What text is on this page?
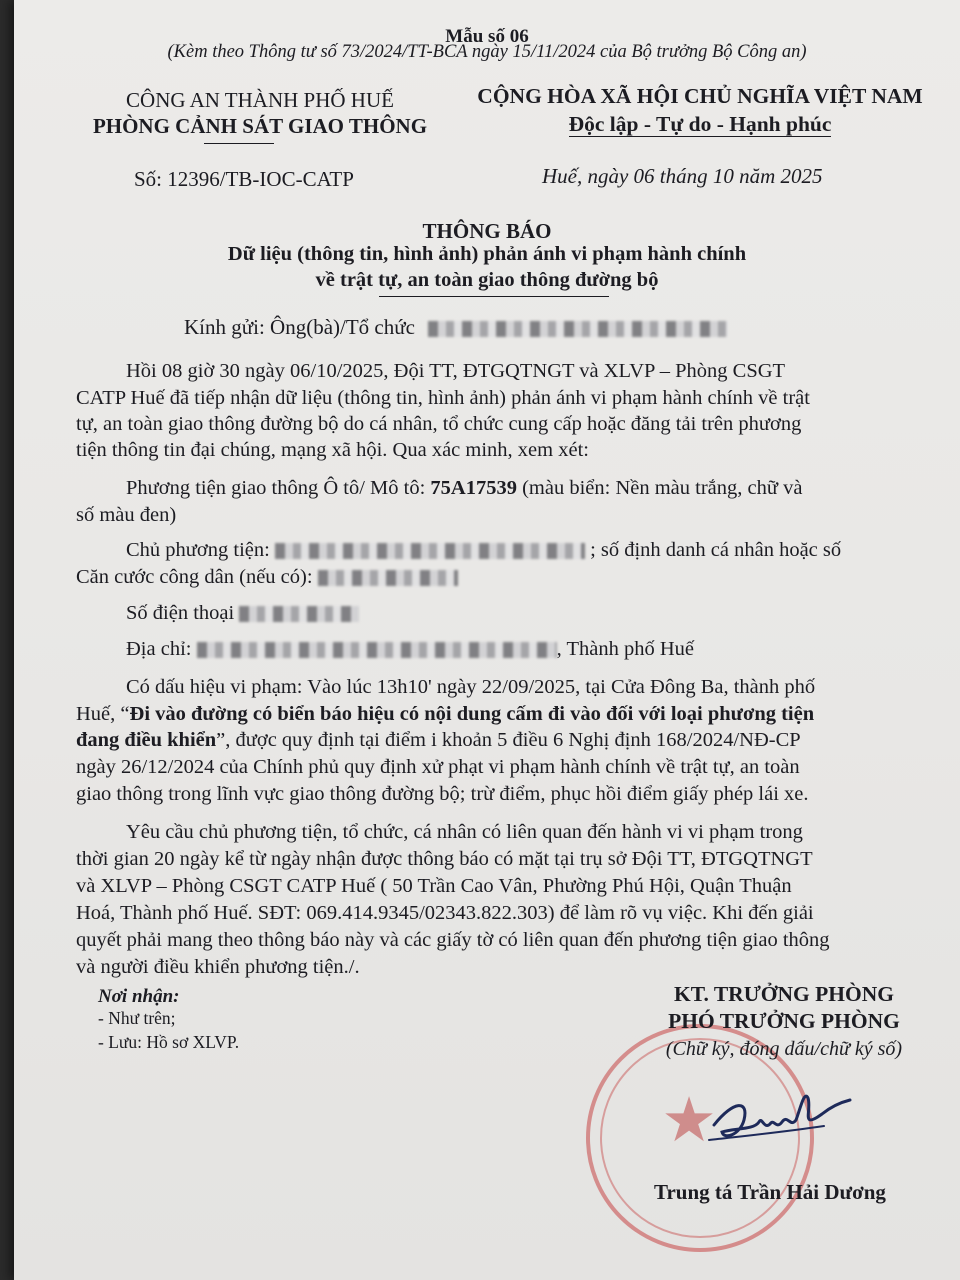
Mẫu số 06
(Kèm theo Thông tư số 73/2024/TT-BCA ngày 15/11/2024 của Bộ trưởng Bộ Công an)
CÔNG AN THÀNH PHỐ HUẾ
PHÒNG CẢNH SÁT GIAO THÔNG
Số: 12396/TB-IOC-CATP
CỘNG HÒA XÃ HỘI CHỦ NGHĨA VIỆT NAM
Độc lập - Tự do - Hạnh phúc
Huế, ngày 06 tháng 10 năm 2025
THÔNG BÁO
Dữ liệu (thông tin, hình ảnh) phản ánh vi phạm hành chính
về trật tự, an toàn giao thông đường bộ
Kính gửi: Ông(bà)/Tổ chức
Hồi 08 giờ 30 ngày 06/10/2025, Đội TT, ĐTGQTNGT và XLVP – Phòng CSGT
CATP Huế đã tiếp nhận dữ liệu (thông tin, hình ảnh) phản ánh vi phạm hành chính về trật
tự, an toàn giao thông đường bộ do cá nhân, tổ chức cung cấp hoặc đăng tải trên phương
tiện thông tin đại chúng, mạng xã hội. Qua xác minh, xem xét:
Phương tiện giao thông Ô tô/ Mô tô: 75A17539 (màu biển: Nền màu trắng, chữ và
số màu đen)
Chủ phương tiện:	; số định danh cá nhân hoặc số
Căn cước công dân (nếu có):
Số điện thoại
Địa chỉ:	, Thành phố Huế
Có dấu hiệu vi phạm: Vào lúc 13h10' ngày 22/09/2025, tại Cửa Đông Ba, thành phố
Huế, “Đi vào đường có biển báo hiệu có nội dung cấm đi vào đối với loại phương tiện
đang điều khiển”, được quy định tại điểm i khoản 5 điều 6 Nghị định 168/2024/NĐ-CP
ngày 26/12/2024 của Chính phủ quy định xử phạt vi phạm hành chính về trật tự, an toàn
giao thông trong lĩnh vực giao thông đường bộ; trừ điểm, phục hồi điểm giấy phép lái xe.
Yêu cầu chủ phương tiện, tổ chức, cá nhân có liên quan đến hành vi vi phạm trong
thời gian 20 ngày kể từ ngày nhận được thông báo có mặt tại trụ sở Đội TT, ĐTGQTNGT
và XLVP – Phòng CSGT CATP Huế ( 50 Trần Cao Vân, Phường Phú Hội, Quận Thuận
Hoá, Thành phố Huế. SĐT: 069.414.9345/02343.822.303) để làm rõ vụ việc. Khi đến giải
quyết phải mang theo thông báo này và các giấy tờ có liên quan đến phương tiện giao thông
và người điều khiển phương tiện./.
Nơi nhận:
- Như trên;
- Lưu: Hồ sơ XLVP.
★
KT. TRƯỞNG PHÒNG
PHÓ TRƯỞNG PHÒNG
(Chữ ký, đóng dấu/chữ ký số)
Trung tá Trần Hải Dương
